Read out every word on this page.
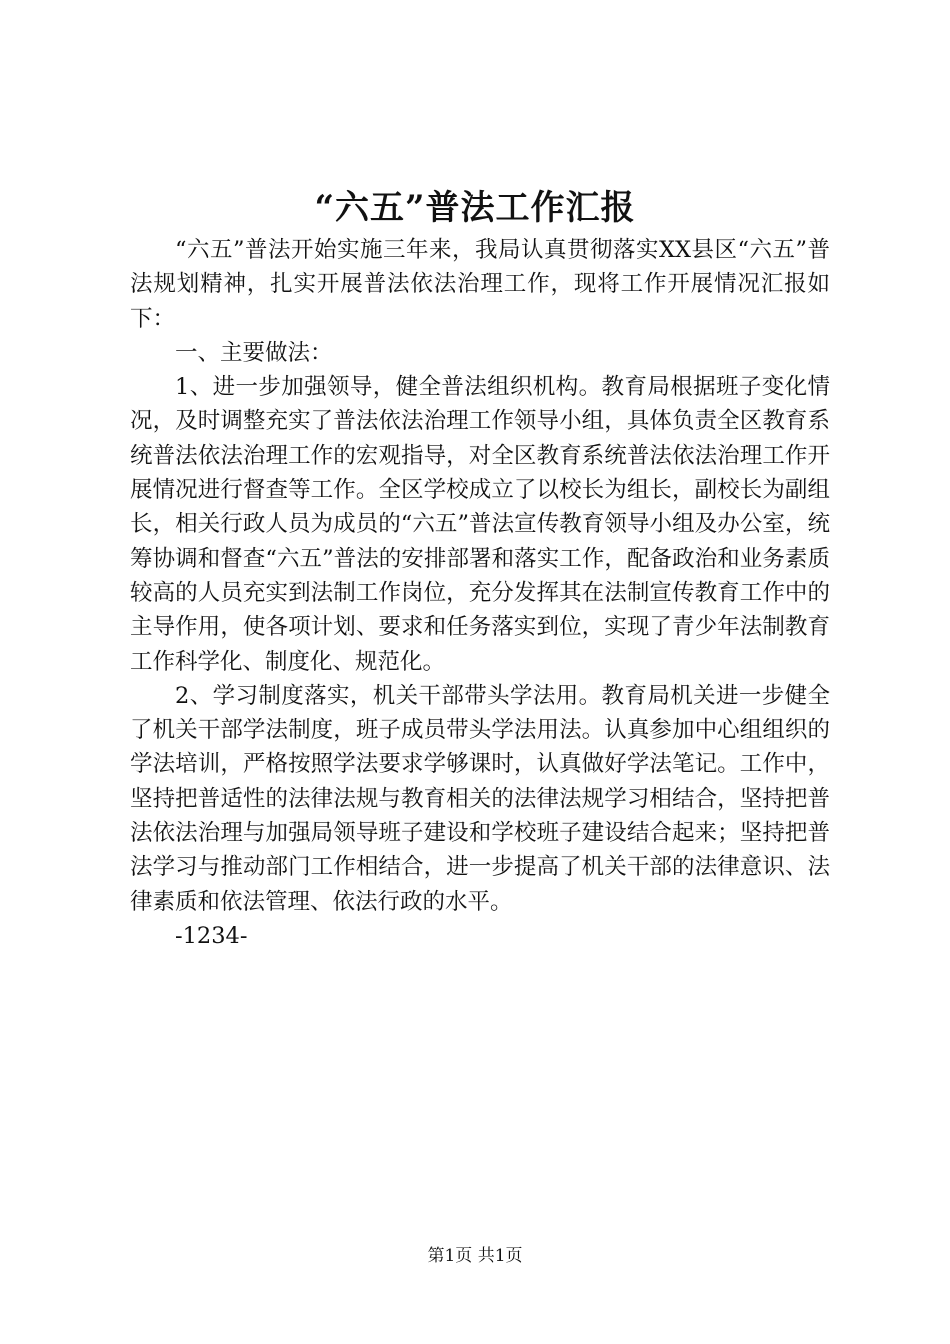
“六五”普法工作汇报

“六五”普法开始实施三年来，我局认真贯彻落实XX县区“六五”普法规划精神，扎实开展普法依法治理工作，现将工作开展情况汇报如下：

一、主要做法：

1、进一步加强领导，健全普法组织机构。教育局根据班子变化情况，及时调整充实了普法依法治理工作领导小组，具体负责全区教育系统普法依法治理工作的宏观指导，对全区教育系统普法依法治理工作开展情况进行督查等工作。全区学校成立了以校长为组长，副校长为副组长，相关行政人员为成员的“六五”普法宣传教育领导小组及办公室，统筹协调和督查“六五”普法的安排部署和落实工作，配备政治和业务素质较高的人员充实到法制工作岗位，充分发挥其在法制宣传教育工作中的主导作用，使各项计划、要求和任务落实到位，实现了青少年法制教育工作科学化、制度化、规范化。

2、学习制度落实，机关干部带头学法用。教育局机关进一步健全了机关干部学法制度，班子成员带头学法用法。认真参加中心组组织的学法培训，严格按照学法要求学够课时，认真做好学法笔记。工作中，坚持把普适性的法律法规与教育相关的法律法规学习相结合，坚持把普法依法治理与加强局领导班子建设和学校班子建设结合起来；坚持把普法学习与推动部门工作相结合，进一步提高了机关干部的法律意识、法律素质和依法管理、依法行政的水平。

-1234-

第1页 共1页
